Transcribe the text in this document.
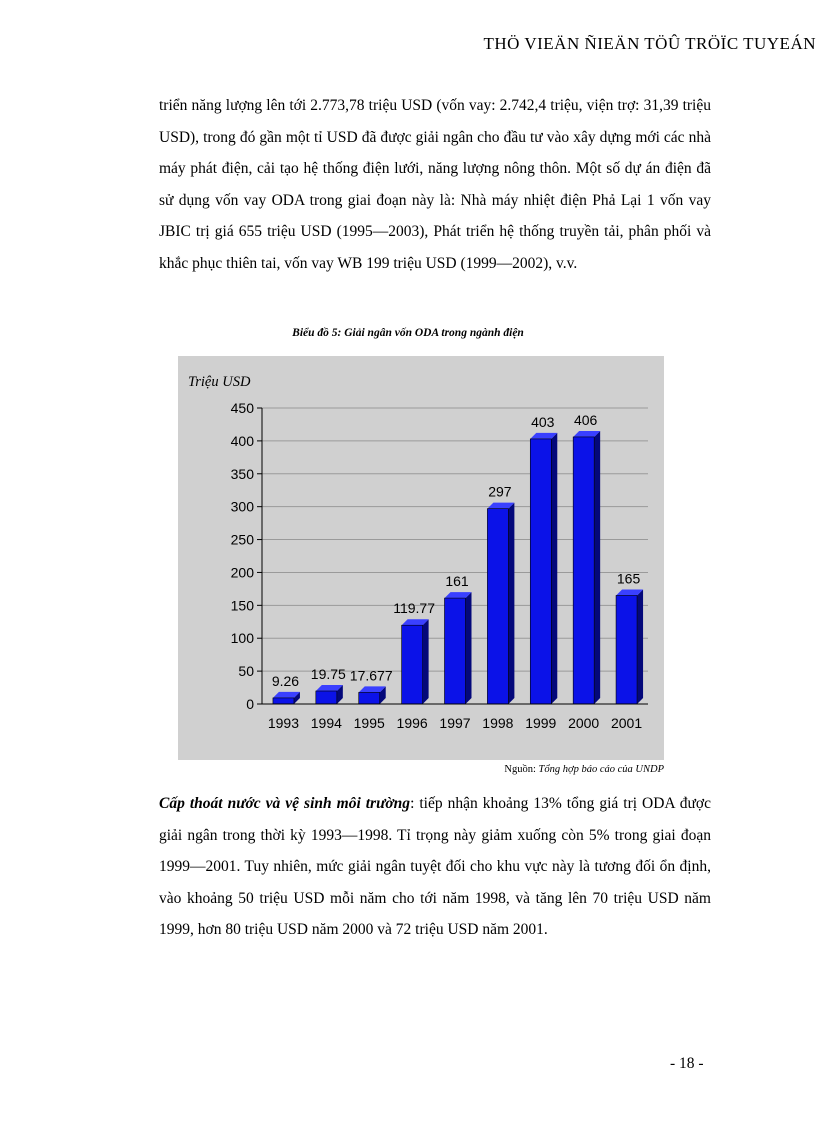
THÖ VIEÄN ÑIEÄN TÖÛ TRÖÏC TUYEÁN
triển năng lượng lên tới 2.773,78 triệu USD (vốn vay: 2.742,4 triệu, viện trợ: 31,39 triệu USD), trong đó gần một tỉ USD đã được giải ngân cho đầu tư vào xây dựng mới các nhà máy phát điện, cải tạo hệ thống điện lưới, năng lượng nông thôn. Một số dự án điện đã sử dụng vốn vay ODA trong giai đoạn này là: Nhà máy nhiệt điện Phả Lại 1 vốn vay JBIC trị giá 655 triệu USD (1995—2003), Phát triển hệ thống truyền tải, phân phối và khắc phục thiên tai, vốn vay WB 199 triệu USD (1999—2002), v.v.
Biểu đồ 5: Giải ngân vốn ODA trong ngành điện
0
50
100
150
200
250
300
350
400
450
9.26 19.75 17.677
119.77
161
297
403 406
165
1993 1994 1995 1996 1997 1998 1999 2000 2001
Triệu USD
Nguồn: Tổng hợp báo cáo của UNDP
Cấp thoát nước và vệ sinh môi trường: tiếp nhận khoảng 13% tổng giá trị ODA được giải ngân trong thời kỳ 1993—1998. Tỉ trọng này giảm xuống còn 5% trong giai đoạn 1999—2001. Tuy nhiên, mức giải ngân tuyệt đối cho khu vực này là tương đối ổn định, vào khoảng 50 triệu USD mỗi năm cho tới năm 1998, và tăng lên 70 triệu USD năm 1999, hơn 80 triệu USD năm 2000 và 72 triệu USD năm 2001.
- 18 -
